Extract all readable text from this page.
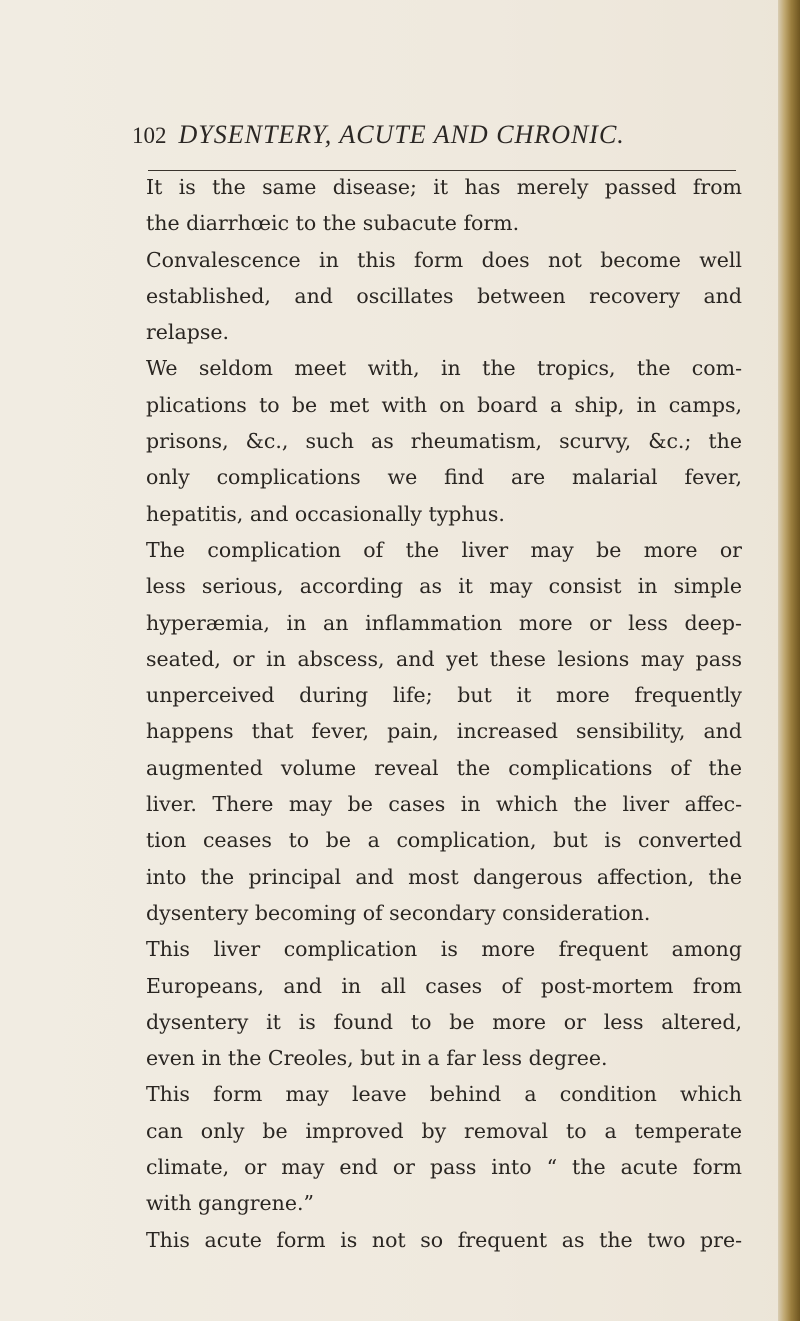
102 DYSENTERY, ACUTE AND CHRONIC.
It is the same disease; it has merely passed from
the diarrhœic to the subacute form.
Convalescence in this form does not become well
established, and oscillates between recovery and
relapse.
We seldom meet with, in the tropics, the com-
plications to be met with on board a ship, in camps,
prisons, &c., such as rheumatism, scurvy, &c.; the
only complications we find are malarial fever,
hepatitis, and occasionally typhus.
The complication of the liver may be more or
less serious, according as it may consist in simple
hyperæmia, in an inflammation more or less deep-
seated, or in abscess, and yet these lesions may pass
unperceived during life; but it more frequently
happens that fever, pain, increased sensibility, and
augmented volume reveal the complications of the
liver. There may be cases in which the liver affec-
tion ceases to be a complication, but is converted
into the principal and most dangerous affection, the
dysentery becoming of secondary consideration.
This liver complication is more frequent among
Europeans, and in all cases of post-mortem from
dysentery it is found to be more or less altered,
even in the Creoles, but in a far less degree.
This form may leave behind a condition which
can only be improved by removal to a temperate
climate, or may end or pass into “ the acute form
with gangrene.”
This acute form is not so frequent as the two pre-
